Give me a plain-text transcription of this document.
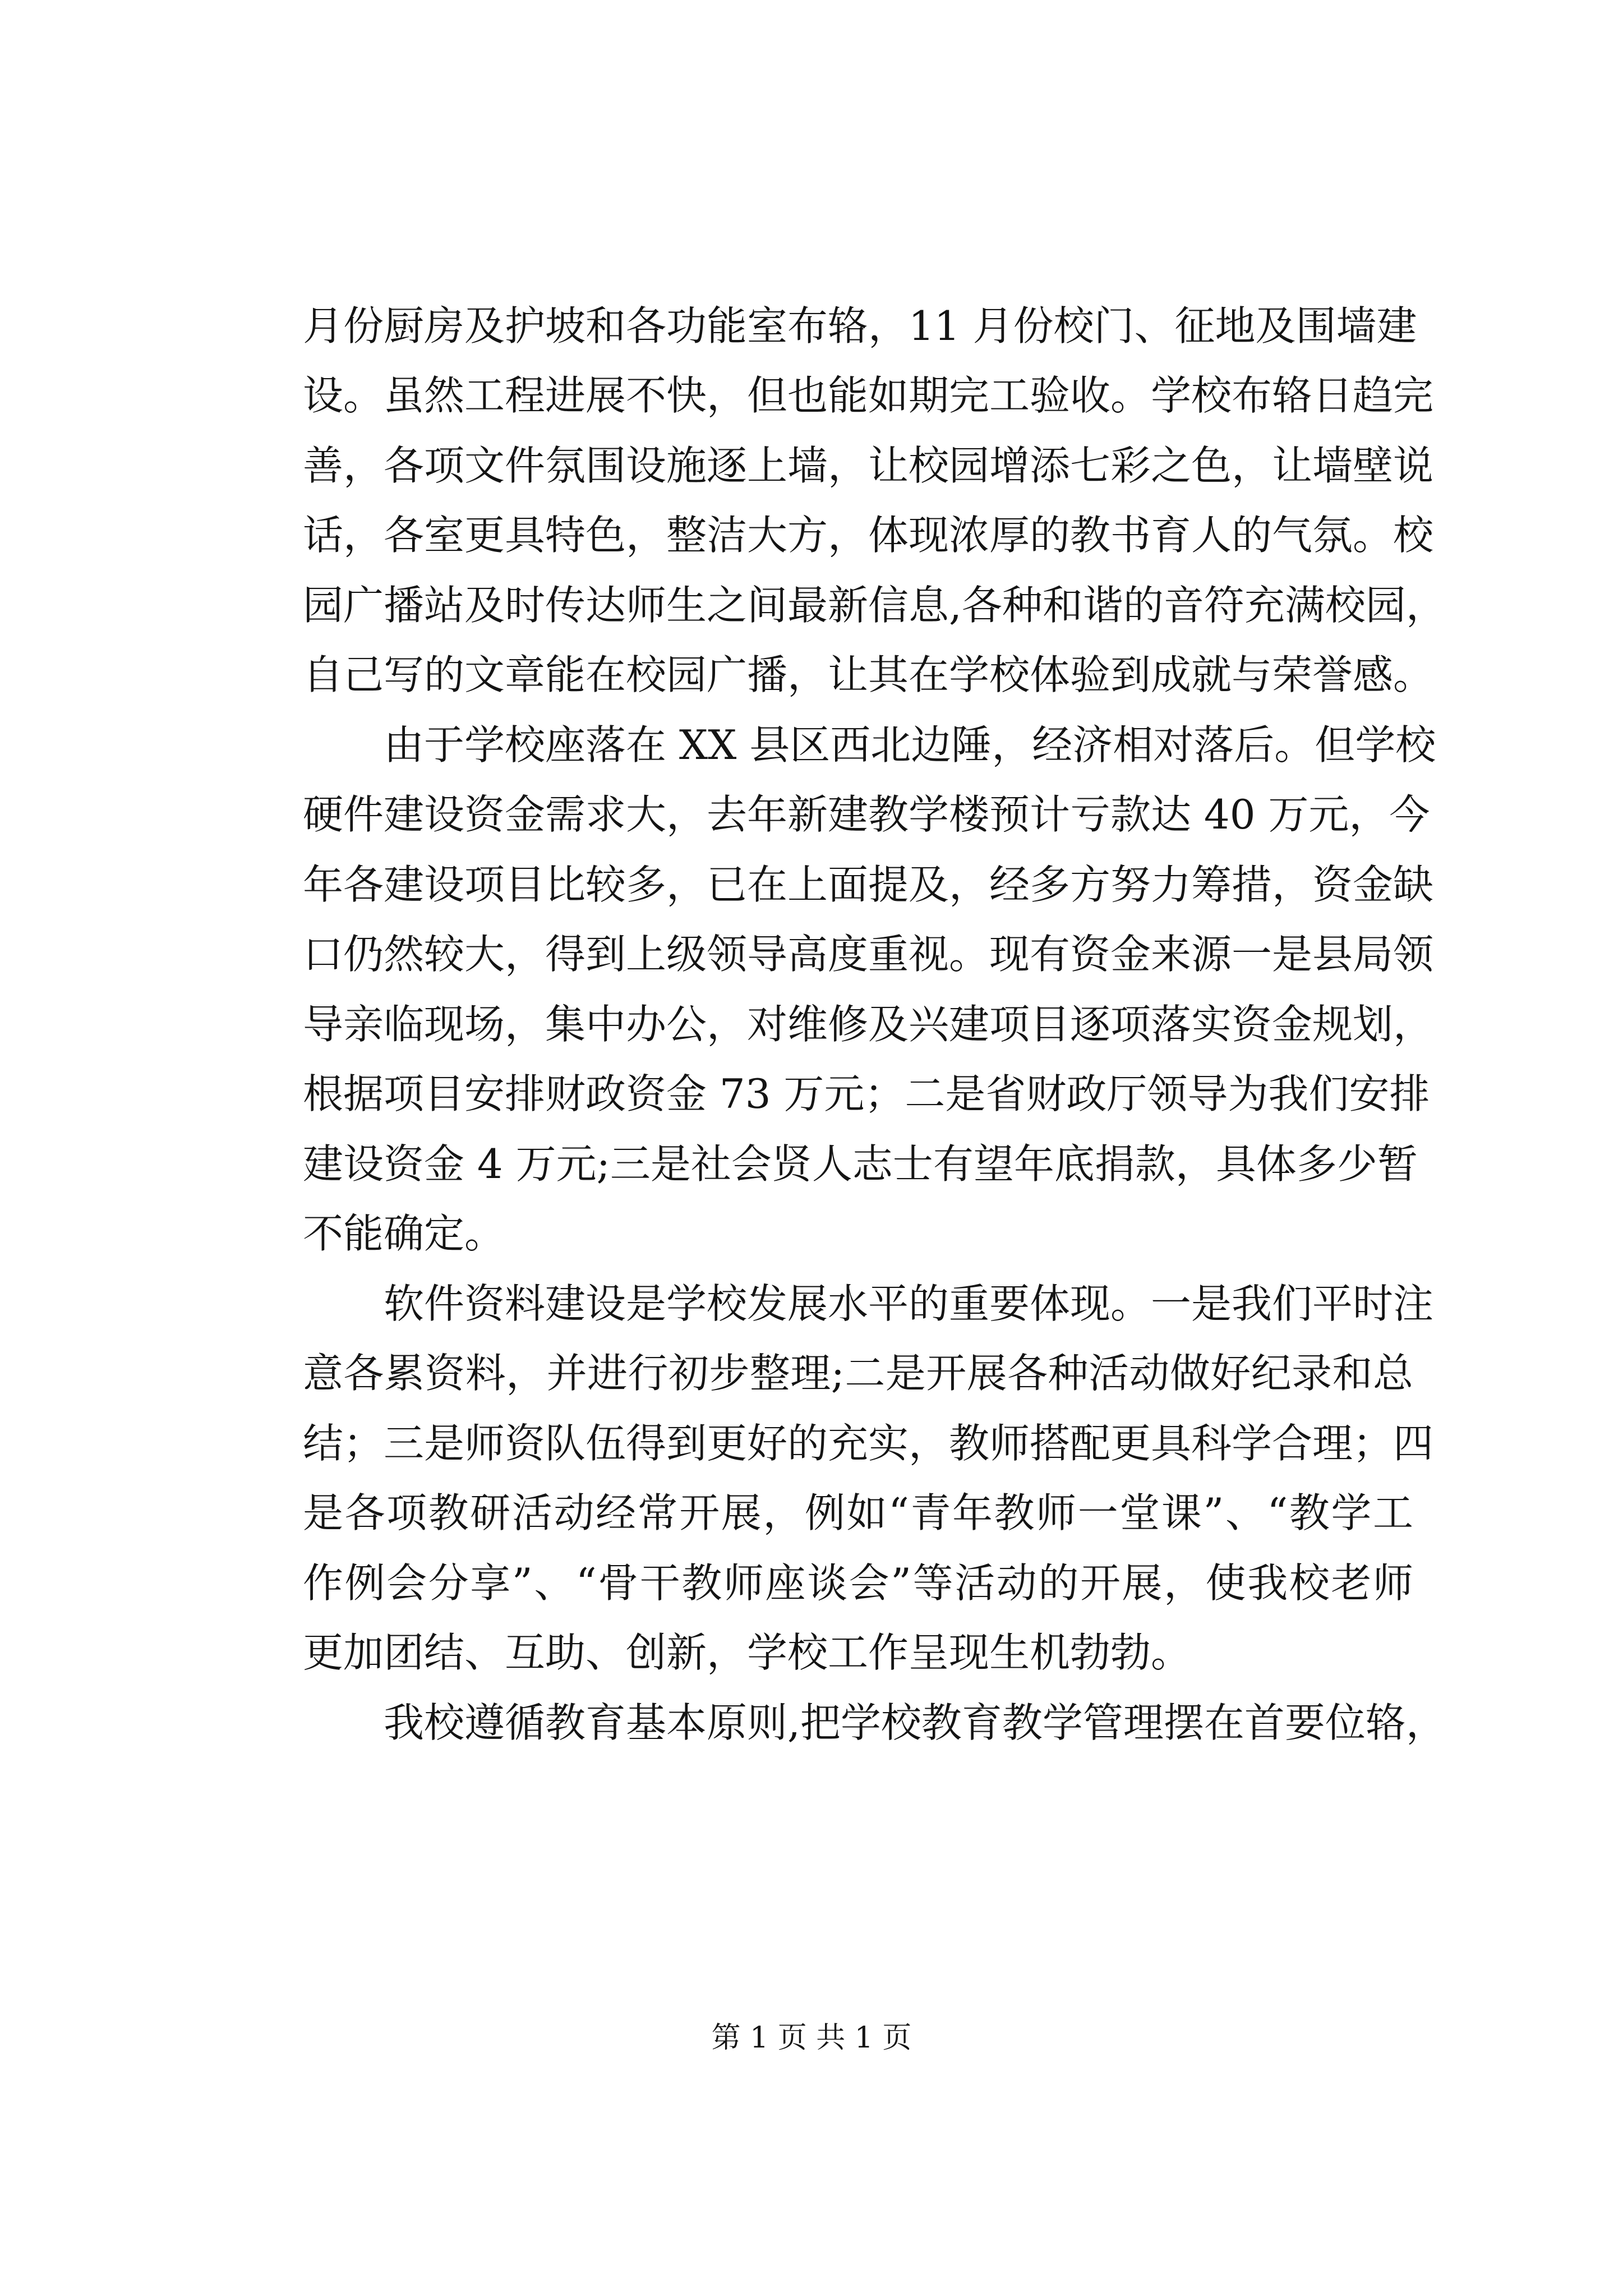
月份厨房及护坡和各功能室布辂，11 月份校门、征地及围墙建
设。虽然工程进展不快，但也能如期完工验收。学校布辂日趋完
善，各项文件氛围设施逐上墙，让校园增添七彩之色，让墙壁说
话，各室更具特色，整洁大方，体现浓厚的教书育人的气氛。校
园广播站及时传达师生之间最新信息,各种和谐的音符充满校园，
自己写的文章能在校园广播，让其在学校体验到成就与荣誉感。
由于学校座落在 XX 县区西北边陲，经济相对落后。但学校
硬件建设资金需求大，去年新建教学楼预计亏款达 40 万元，今
年各建设项目比较多，已在上面提及，经多方努力筹措，资金缺
口仍然较大，得到上级领导高度重视。现有资金来源一是县局领
导亲临现场，集中办公，对维修及兴建项目逐项落实资金规划，
根据项目安排财政资金 73 万元；二是省财政厅领导为我们安排
建设资金 4 万元;三是社会贤人志士有望年底捐款，具体多少暂
不能确定。
软件资料建设是学校发展水平的重要体现。一是我们平时注
意各累资料，并进行初步整理;二是开展各种活动做好纪录和总
结；三是师资队伍得到更好的充实，教师搭配更具科学合理；四
是各项教研活动经常开展，例如“青年教师一堂课”、“教学工
作例会分享”、“骨干教师座谈会”等活动的开展，使我校老师
更加团结、互助、创新，学校工作呈现生机勃勃。
我校遵循教育基本原则,把学校教育教学管理摆在首要位辂，
第 1 页 共 1 页
